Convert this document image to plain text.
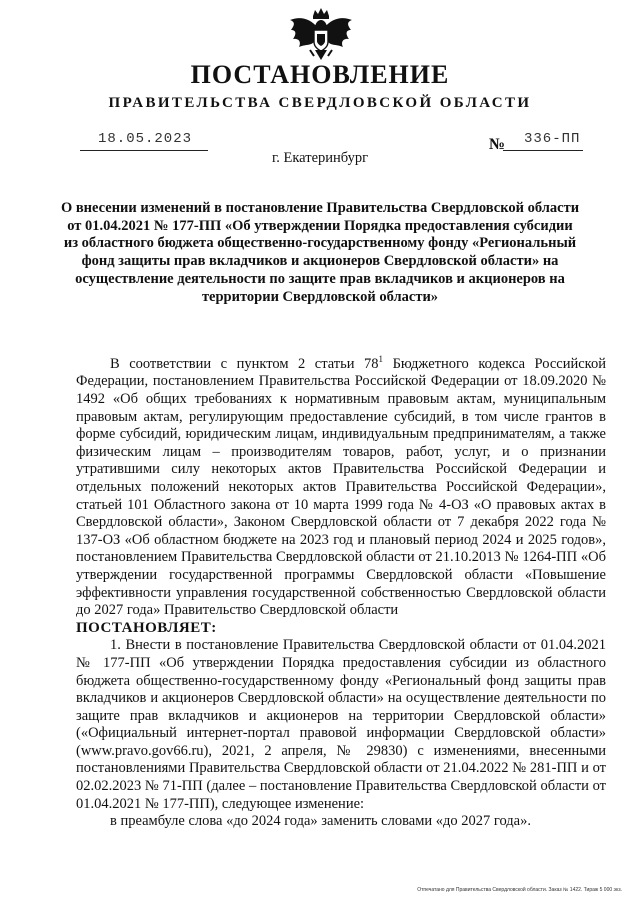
ПОСТАНОВЛЕНИЕ
ПРАВИТЕЛЬСТВА СВЕРДЛОВСКОЙ ОБЛАСТИ
18.05.2023	№ 336-ПП
г. Екатеринбург
О внесении изменений в постановление Правительства Свердловской области от 01.04.2021 № 177-ПП «Об утверждении Порядка предоставления субсидии из областного бюджета общественно-государственному фонду «Региональный фонд защиты прав вкладчиков и акционеров Свердловской области» на осуществление деятельности по защите прав вкладчиков и акционеров на территории Свердловской области»

В соответствии с пунктом 2 статьи $78^1$ Бюджетного кодекса Российской Федерации, постановлением Правительства Российской Федерации от 18.09.2020 № 1492 «Об общих требованиях к нормативным правовым актам, муниципальным правовым актам, регулирующим предоставление субсидий, в том числе грантов в форме субсидий, юридическим лицам, индивидуальным предпринимателям, а также физическим лицам – производителям товаров, работ, услуг, и о признании утратившими силу некоторых актов Правительства Российской Федерации и отдельных положений некоторых актов Правительства Российской Федерации», статьей 101 Областного закона от 10 марта 1999 года № 4-ОЗ «О правовых актах в Свердловской области», Законом Свердловской области от 7 декабря 2022 года № 137-ОЗ «Об областном бюджете на 2023 год и плановый период 2024 и 2025 годов», постановлением Правительства Свердловской области от 21.10.2013 № 1264-ПП «Об утверждении государственной программы Свердловской области «Повышение эффективности управления государственной собственностью Свердловской области до 2027 года» Правительство Свердловской области

ПОСТАНОВЛЯЕТ:

1. Внести в постановление Правительства Свердловской области от 01.04.2021 № 177-ПП «Об утверждении Порядка предоставления субсидии из областного бюджета общественно-государственному фонду «Региональный фонд защиты прав вкладчиков и акционеров Свердловской области» на осуществление деятельности по защите прав вкладчиков и акционеров на территории Свердловской области» («Официальный интернет-портал правовой информации Свердловской области» (www.pravo.gov66.ru), 2021, 2 апреля, № 29830) с изменениями, внесенными постановлениями Правительства Свердловской области от 21.04.2022 № 281-ПП и от 02.02.2023 № 71-ПП (далее – постановление Правительства Свердловской области от 01.04.2021 № 177-ПП), следующее изменение:

в преамбуле слова «до 2024 года» заменить словами «до 2027 года».

Отпечатано для Правительства Свердловской области. Заказ № 1422. Тираж 5 000 экз.
